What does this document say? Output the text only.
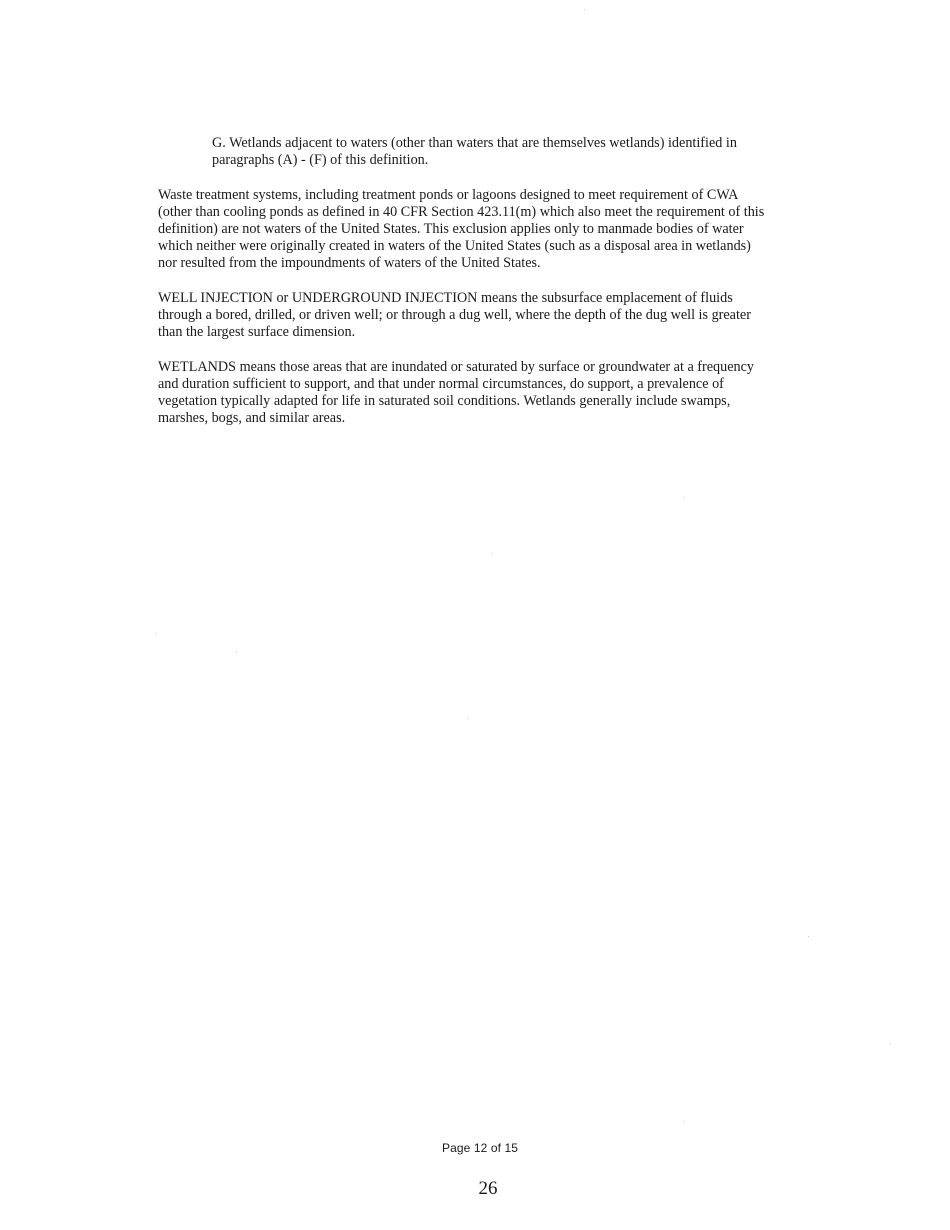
G. Wetlands adjacent to waters (other than waters that are themselves wetlands) identified in
paragraphs (A) - (F) of this definition.

Waste treatment systems, including treatment ponds or lagoons designed to meet requirement of CWA
(other than cooling ponds as defined in 40 CFR Section 423.11(m) which also meet the requirement of this
definition) are not waters of the United States. This exclusion applies only to manmade bodies of water
which neither were originally created in waters of the United States (such as a disposal area in wetlands)
nor resulted from the impoundments of waters of the United States.

WELL INJECTION or UNDERGROUND INJECTION means the subsurface emplacement of fluids
through a bored, drilled, or driven well; or through a dug well, where the depth of the dug well is greater
than the largest surface dimension.

WETLANDS means those areas that are inundated or saturated by surface or groundwater at a frequency
and duration sufficient to support, and that under normal circumstances, do support, a prevalence of
vegetation typically adapted for life in saturated soil conditions. Wetlands generally include swamps,
marshes, bogs, and similar areas.

Page 12 of 15
26
